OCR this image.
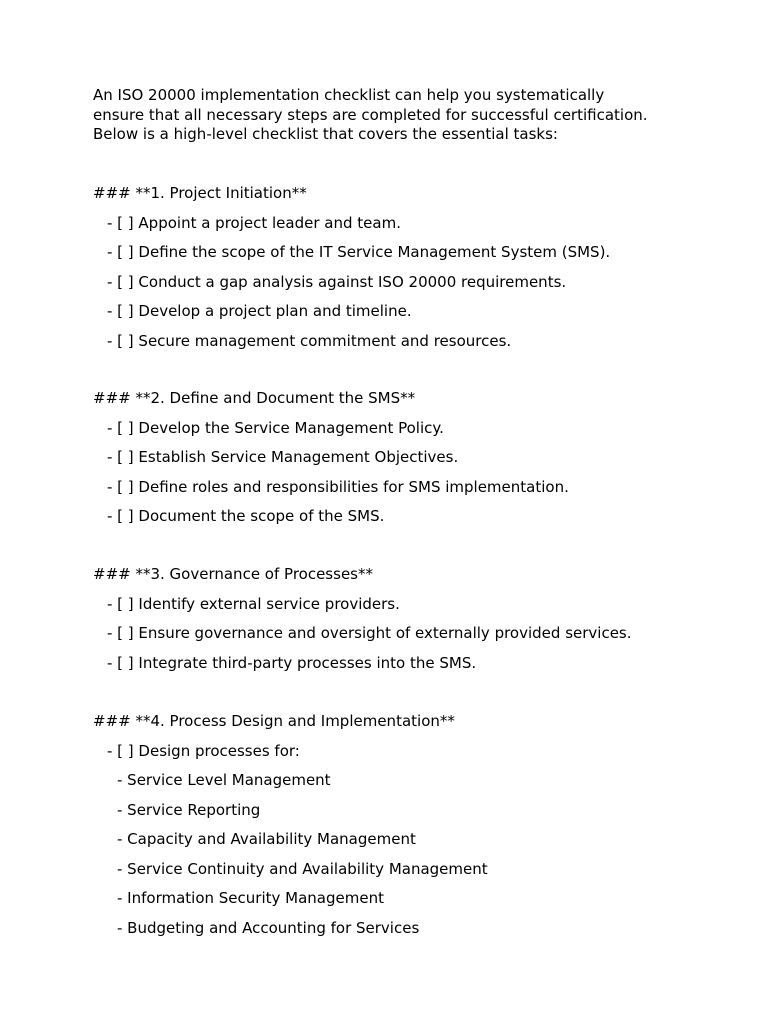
An ISO 20000 implementation checklist can help you systematically
ensure that all necessary steps are completed for successful certification.
Below is a high-level checklist that covers the essential tasks:

### **1. Project Initiation**
- [ ] Appoint a project leader and team.
- [ ] Define the scope of the IT Service Management System (SMS).
- [ ] Conduct a gap analysis against ISO 20000 requirements.
- [ ] Develop a project plan and timeline.
- [ ] Secure management commitment and resources.
### **2. Define and Document the SMS**
- [ ] Develop the Service Management Policy.
- [ ] Establish Service Management Objectives.
- [ ] Define roles and responsibilities for SMS implementation.
- [ ] Document the scope of the SMS.
### **3. Governance of Processes**
- [ ] Identify external service providers.
- [ ] Ensure governance and oversight of externally provided services.
- [ ] Integrate third-party processes into the SMS.
### **4. Process Design and Implementation**
- [ ] Design processes for:
- Service Level Management
- Service Reporting
- Capacity and Availability Management
- Service Continuity and Availability Management
- Information Security Management
- Budgeting and Accounting for Services
